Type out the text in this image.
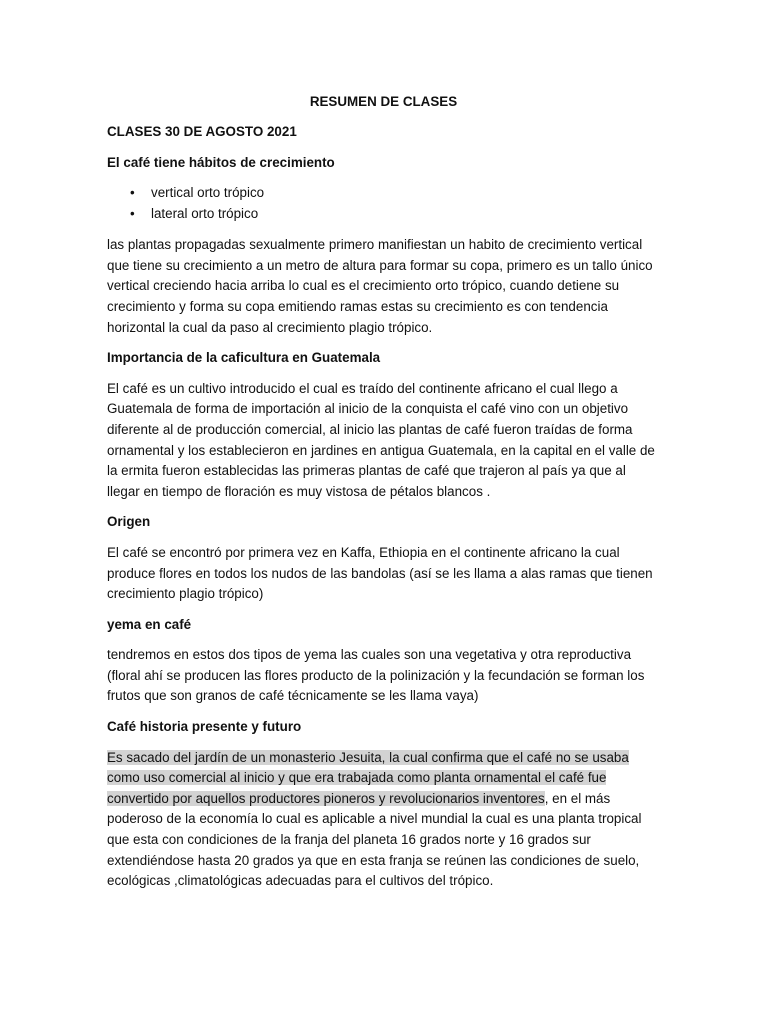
RESUMEN DE CLASES
CLASES 30 DE AGOSTO 2021
El café tiene hábitos de crecimiento
• vertical orto trópico
• lateral orto trópico

las plantas propagadas sexualmente primero manifiestan un habito de crecimiento vertical que tiene su crecimiento a un metro de altura para formar su copa, primero es un tallo único vertical creciendo hacia arriba lo cual es el crecimiento orto trópico, cuando detiene su crecimiento y forma su copa emitiendo ramas estas su crecimiento es con tendencia horizontal la cual da paso al crecimiento plagio trópico.

Importancia de la caficultura en Guatemala

El café es un cultivo introducido el cual es traído del continente africano el cual llego a Guatemala de forma de importación al inicio de la conquista el café vino con un objetivo diferente al de producción comercial, al inicio las plantas de café fueron traídas de forma ornamental y los establecieron en jardines en antigua Guatemala, en la capital en el valle de la ermita fueron establecidas las primeras plantas de café que trajeron al país ya que al llegar en tiempo de floración es muy vistosa de pétalos blancos .

Origen

El café se encontró por primera vez en Kaffa, Ethiopia en el continente africano la cual produce flores en todos los nudos de las bandolas (así se les llama a alas ramas que tienen crecimiento plagio trópico)

yema en café

tendremos en estos dos tipos de yema las cuales son una vegetativa y otra reproductiva (floral ahí se producen las flores producto de la polinización y la fecundación se forman los frutos que son granos de café técnicamente se les llama vaya)

Café historia presente y futuro

Es sacado del jardín de un monasterio Jesuita, la cual confirma que el café no se usaba como uso comercial al inicio y que era trabajada como planta ornamental el café fue convertido por aquellos productores pioneros y revolucionarios inventores, en el más poderoso de la economía lo cual es aplicable a nivel mundial la cual es una planta tropical que esta con condiciones de la franja del planeta 16 grados norte y 16 grados sur extendiéndose hasta 20 grados ya que en esta franja se reúnen las condiciones de suelo, ecológicas ,climatológicas adecuadas para el cultivos del trópico.
